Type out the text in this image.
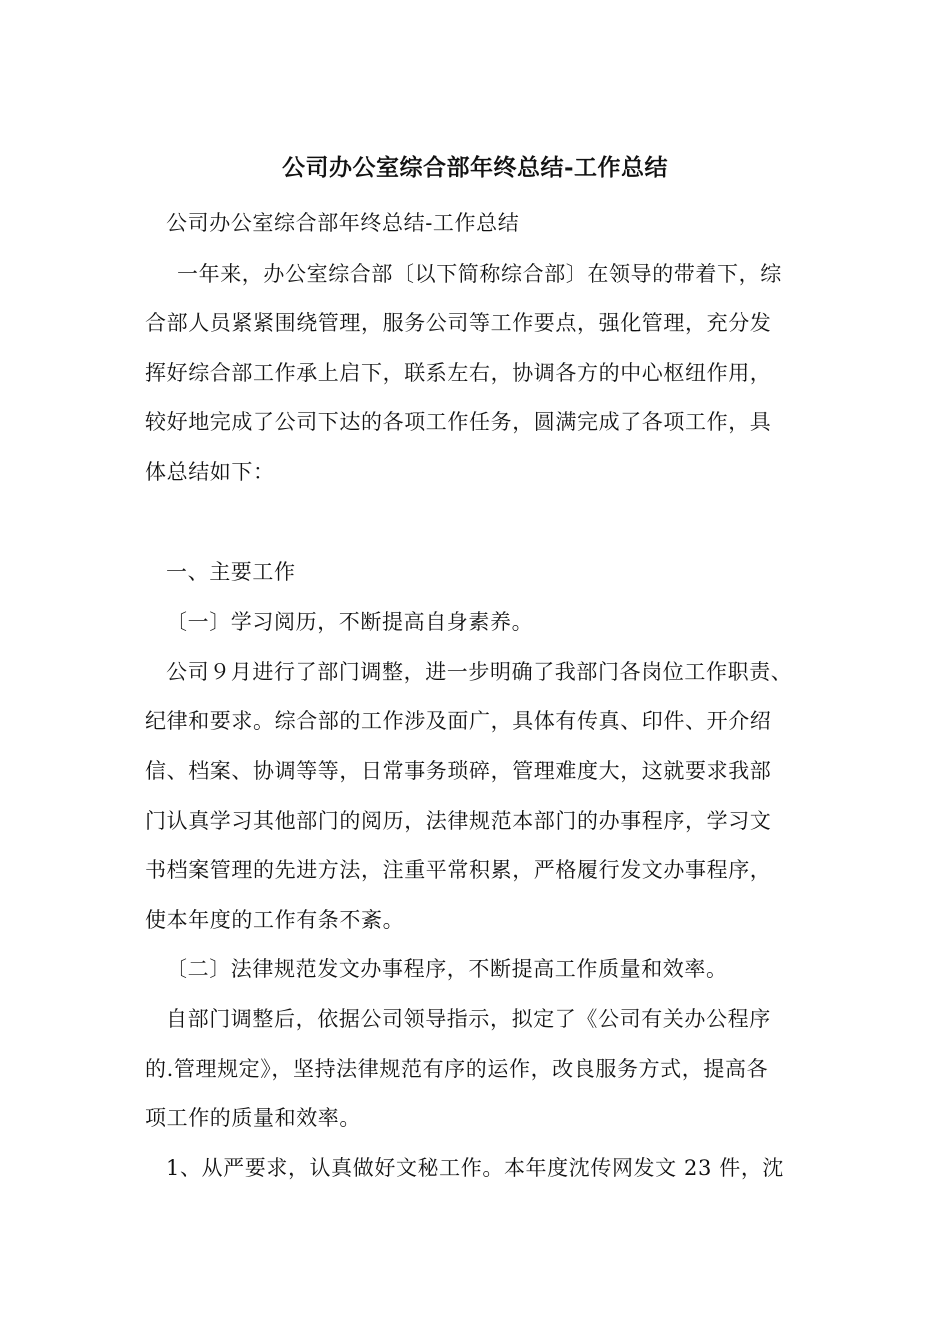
公司办公室综合部年终总结-工作总结
公司办公室综合部年终总结-工作总结
一年来，办公室综合部〔以下简称综合部〕在领导的带着下，综
合部人员紧紧围绕管理，服务公司等工作要点，强化管理，充分发
挥好综合部工作承上启下，联系左右，协调各方的中心枢纽作用，
较好地完成了公司下达的各项工作任务，圆满完成了各项工作，具
体总结如下：
一、主要工作
〔一〕学习阅历，不断提高自身素养。
公司９月进行了部门调整，进一步明确了我部门各岗位工作职责、
纪律和要求。综合部的工作涉及面广，具体有传真、印件、开介绍
信、档案、协调等等，日常事务琐碎，管理难度大，这就要求我部
门认真学习其他部门的阅历，法律规范本部门的办事程序，学习文
书档案管理的先进方法，注重平常积累，严格履行发文办事程序，
使本年度的工作有条不紊。
〔二〕法律规范发文办事程序，不断提高工作质量和效率。
自部门调整后，依据公司领导指示，拟定了《公司有关办公程序
的.管理规定》，坚持法律规范有序的运作，改良服务方式，提高各
项工作的质量和效率。
1、从严要求，认真做好文秘工作。本年度沈传网发文 23 件，沈
